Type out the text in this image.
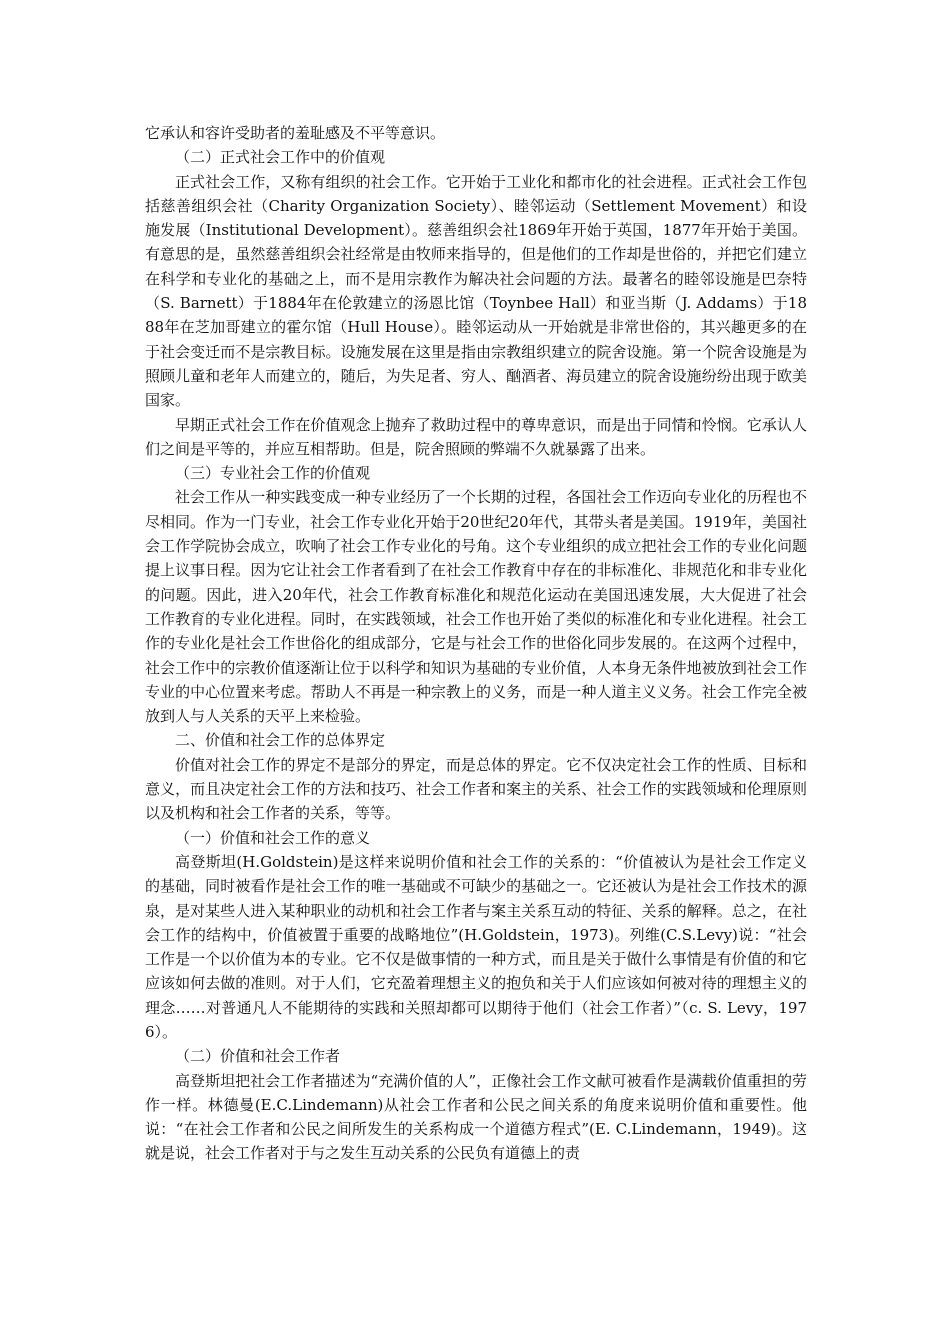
它承认和容许受助者的羞耻感及不平等意识。

（二）正式社会工作中的价值观

正式社会工作，又称有组织的社会工作。它开始于工业化和都市化的社会进程。正式社会工作包括慈善组织会社（Charity Organization Society）、睦邻运动（Settlement Movement）和设施发展（Institutional Development）。慈善组织会社1869年开始于英国，1877年开始于美国。有意思的是，虽然慈善组织会社经常是由牧师来指导的，但是他们的工作却是世俗的，并把它们建立在科学和专业化的基础之上，而不是用宗教作为解决社会问题的方法。最著名的睦邻设施是巴奈特（S. Barnett）于1884年在伦敦建立的汤恩比馆（Toynbee Hall）和亚当斯（J. Addams）于1888年在芝加哥建立的霍尔馆（Hull House）。睦邻运动从一开始就是非常世俗的，其兴趣更多的在于社会变迁而不是宗教目标。设施发展在这里是指由宗教组织建立的院舍设施。第一个院舍设施是为照顾儿童和老年人而建立的，随后，为失足者、穷人、酗酒者、海员建立的院舍设施纷纷出现于欧美国家。

早期正式社会工作在价值观念上抛弃了救助过程中的尊卑意识，而是出于同情和怜悯。它承认人们之间是平等的，并应互相帮助。但是，院舍照顾的弊端不久就暴露了出来。

（三）专业社会工作的价值观

社会工作从一种实践变成一种专业经历了一个长期的过程，各国社会工作迈向专业化的历程也不尽相同。作为一门专业，社会工作专业化开始于20世纪20年代，其带头者是美国。1919年，美国社会工作学院协会成立，吹响了社会工作专业化的号角。这个专业组织的成立把社会工作的专业化问题提上议事日程。因为它让社会工作者看到了在社会工作教育中存在的非标准化、非规范化和非专业化的问题。因此，进入20年代，社会工作教育标准化和规范化运动在美国迅速发展，大大促进了社会工作教育的专业化进程。同时，在实践领域，社会工作也开始了类似的标准化和专业化进程。社会工作的专业化是社会工作世俗化的组成部分，它是与社会工作的世俗化同步发展的。在这两个过程中，社会工作中的宗教价值逐渐让位于以科学和知识为基础的专业价值，人本身无条件地被放到社会工作专业的中心位置来考虑。帮助人不再是一种宗教上的义务，而是一种人道主义义务。社会工作完全被放到人与人关系的天平上来检验。

二、价值和社会工作的总体界定

价值对社会工作的界定不是部分的界定，而是总体的界定。它不仅决定社会工作的性质、目标和意义，而且决定社会工作的方法和技巧、社会工作者和案主的关系、社会工作的实践领域和伦理原则以及机构和社会工作者的关系，等等。

（一）价值和社会工作的意义

高登斯坦(H.Goldstein)是这样来说明价值和社会工作的关系的：“价值被认为是社会工作定义的基础，同时被看作是社会工作的唯一基础或不可缺少的基础之一。它还被认为是社会工作技术的源泉，是对某些人进入某种职业的动机和社会工作者与案主关系互动的特征、关系的解释。总之，在社会工作的结构中，价值被置于重要的战略地位”(H.Goldstein，1973)。列维(C.S.Levy)说：“社会工作是一个以价值为本的专业。它不仅是做事情的一种方式，而且是关于做什么事情是有价值的和它应该如何去做的准则。对于人们，它充盈着理想主义的抱负和关于人们应该如何被对待的理想主义的理念……对普通凡人不能期待的实践和关照却都可以期待于他们（社会工作者）”（c. S. Levy，1976）。

（二）价值和社会工作者

高登斯坦把社会工作者描述为“充满价值的人”，正像社会工作文献可被看作是满载价值重担的劳作一样。林德曼(E.C.Lindemann)从社会工作者和公民之间关系的角度来说明价值和重要性。他说：“在社会工作者和公民之间所发生的关系构成一个道德方程式”(E. C.Lindemann，1949)。这就是说，社会工作者对于与之发生互动关系的公民负有道德上的责
